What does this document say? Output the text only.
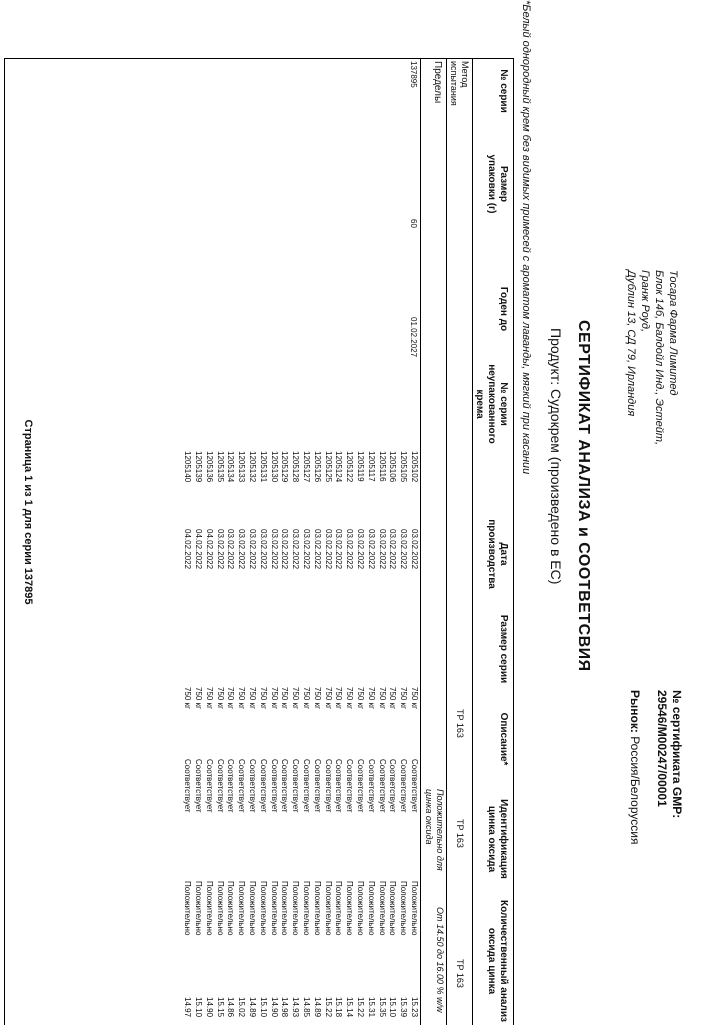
Тосара Фарма Лимитед
Блок 14б, Балдойл Инд., Эстейт,
Гранж Роуд,
Дублин 13, СД 79, Ирландия
№ сертификата GMP:
29546/M00247/00001
Рынок: Россия/Белоруссия
СЕРТИФИКАТ АНАЛИЗА и СООТВЕТСВИЯ
Продукт: Судокрем (произведено в ЕС)
*Белый однородный крем без видимых примесей с ароматом лаванды, мягкий при касании
№ серии
Размер упаковки (г)
Годен до
№ серии неупакованного крема
Дата производства
Размер серии
Описание*
Идентификация цинка оксида
Количественный анализ оксида цинка
Метод испытания
TP 163
TP 163
TP 163
Пределы
Положительно для цинка оксида
От 14.50 до 16.00 % w/w
137895
60
01.02.2027
1205102
1205105
1205106
1205116
1205117
1205119
1205122
1205124
1205125
1205126
1205127
1205128
1205129
1205130
1205131
1205132
1205133
1205134
1205135
1205136
1205139
1205140
03.02.2022
03.02.2022
03.02.2022
03.02.2022
03.02.2022
03.02.2022
03.02.2022
03.02.2022
03.02.2022
03.02.2022
03.02.2022
03.02.2022
03.02.2022
03.02.2022
03.02.2022
03.02.2022
03.02.2022
03.02.2022
03.02.2022
04.02.2022
04.02.2022
04.02.2022
750 кг
750 кг
750 кг
750 кг
750 кг
750 кг
750 кг
750 кг
750 кг
750 кг
750 кг
750 кг
750 кг
750 кг
750 кг
750 кг
750 кг
750 кг
750 кг
750 кг
750 кг
750 кг
Соответствует
Соответствует
Соответствует
Соответствует
Соответствует
Соответствует
Соответствует
Соответствует
Соответствует
Соответствует
Соответствует
Соответствует
Соответствует
Соответствует
Соответствует
Соответствует
Соответствует
Соответствует
Соответствует
Соответствует
Соответствует
Соответствует
Положительно
Положительно
Положительно
Положительно
Положительно
Положительно
Положительно
Положительно
Положительно
Положительно
Положительно
Положительно
Положительно
Положительно
Положительно
Положительно
Положительно
Положительно
Положительно
Положительно
Положительно
Положительно
15.23
15.39
15.10
15.35
15.31
15.22
15.14
15.18
15.22
14.89
14.85
14.93
14.98
14.90
15.10
14.89
15.02
14.86
15.15
14.90
15.10
14.97
Страница 1 из 1 для серии 137895
